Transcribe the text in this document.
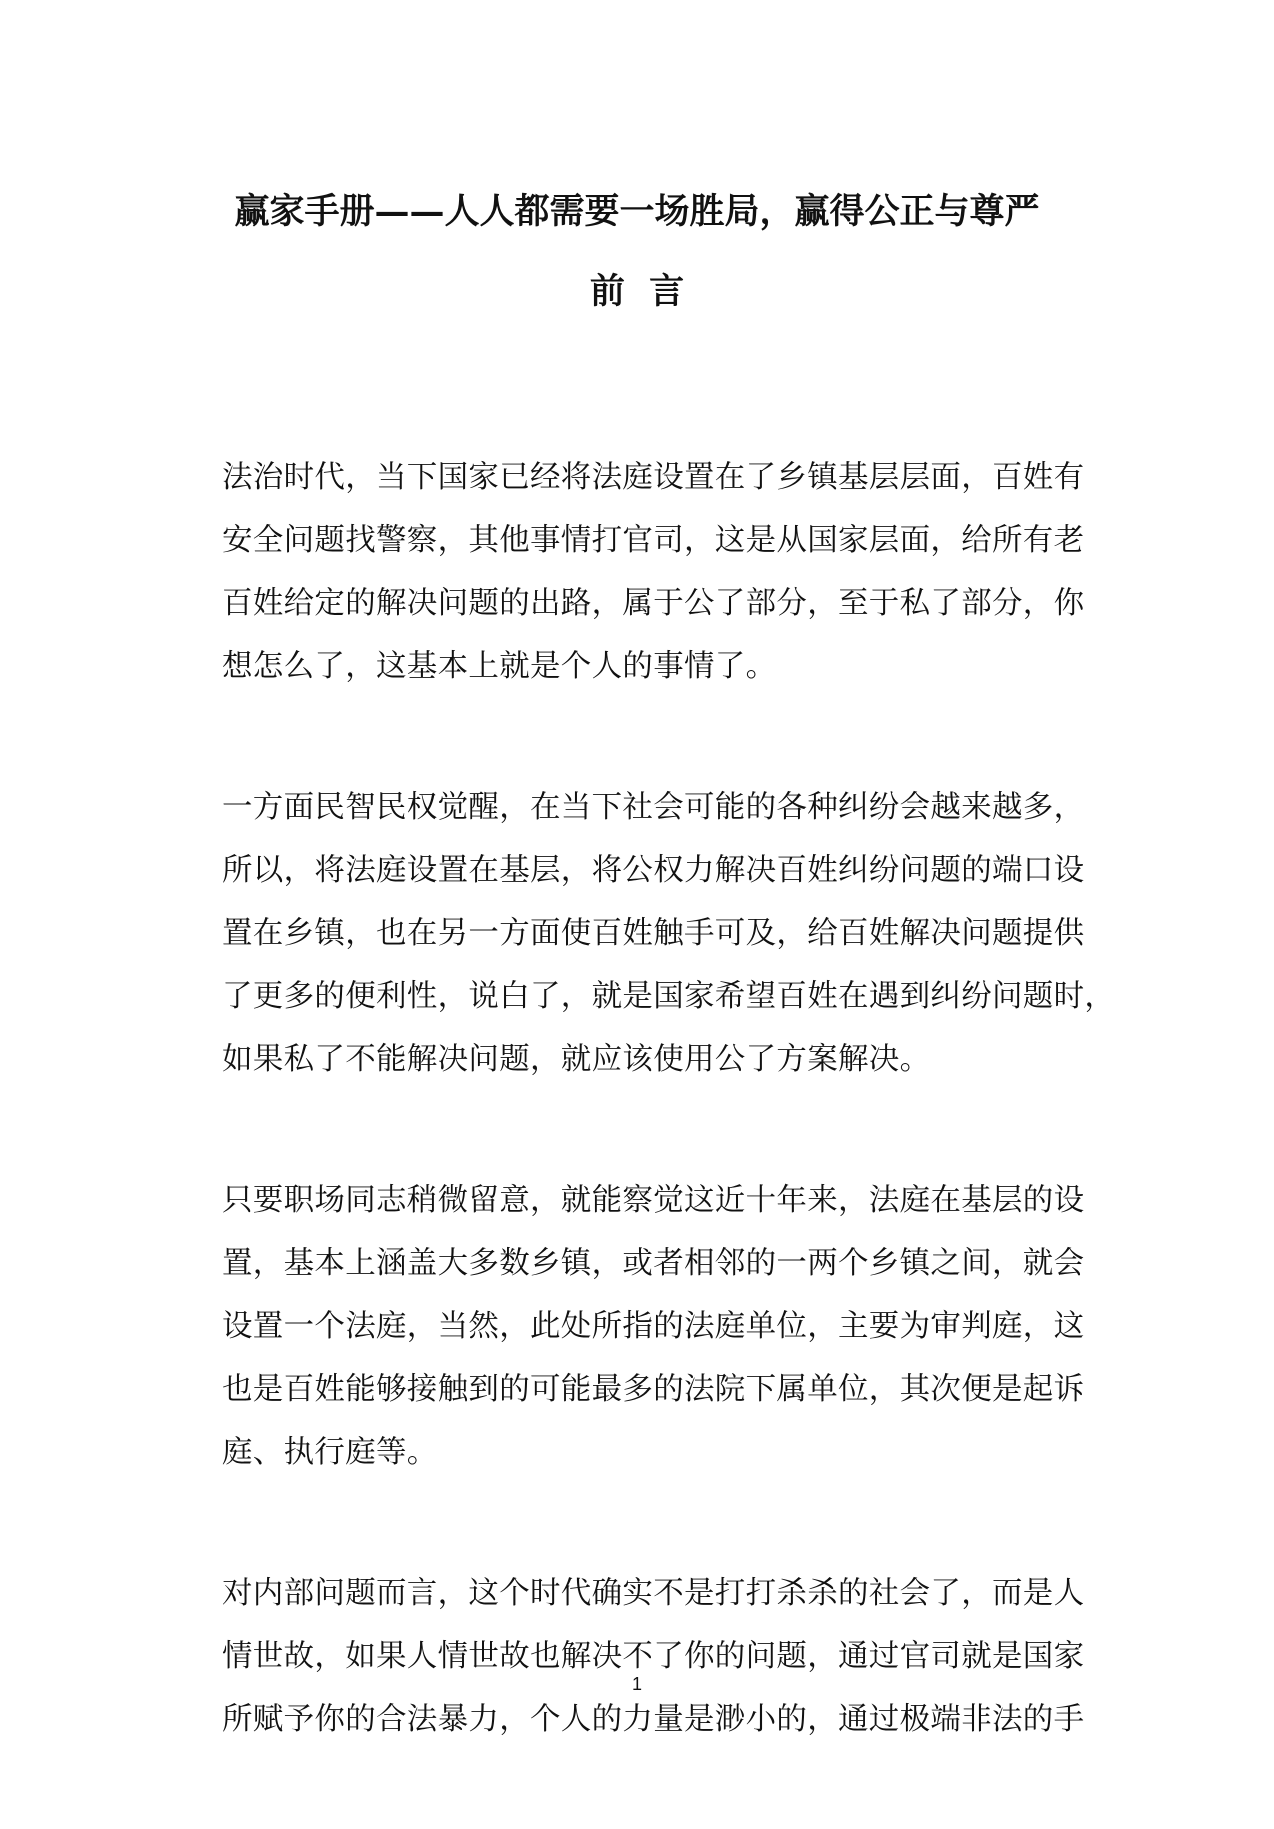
赢家手册——人人都需要一场胜局，赢得公正与尊严
前  言

法治时代，当下国家已经将法庭设置在了乡镇基层层面，百姓有
安全问题找警察，其他事情打官司，这是从国家层面，给所有老
百姓给定的解决问题的出路，属于公了部分，至于私了部分，你
想怎么了，这基本上就是个人的事情了。

一方面民智民权觉醒，在当下社会可能的各种纠纷会越来越多，
所以，将法庭设置在基层，将公权力解决百姓纠纷问题的端口设
置在乡镇，也在另一方面使百姓触手可及，给百姓解决问题提供
了更多的便利性，说白了，就是国家希望百姓在遇到纠纷问题时，
如果私了不能解决问题，就应该使用公了方案解决。

只要职场同志稍微留意，就能察觉这近十年来，法庭在基层的设
置，基本上涵盖大多数乡镇，或者相邻的一两个乡镇之间，就会
设置一个法庭，当然，此处所指的法庭单位，主要为审判庭，这
也是百姓能够接触到的可能最多的法院下属单位，其次便是起诉
庭、执行庭等。

对内部问题而言，这个时代确实不是打打杀杀的社会了，而是人
情世故，如果人情世故也解决不了你的问题，通过官司就是国家
所赋予你的合法暴力，个人的力量是渺小的，通过极端非法的手

1
